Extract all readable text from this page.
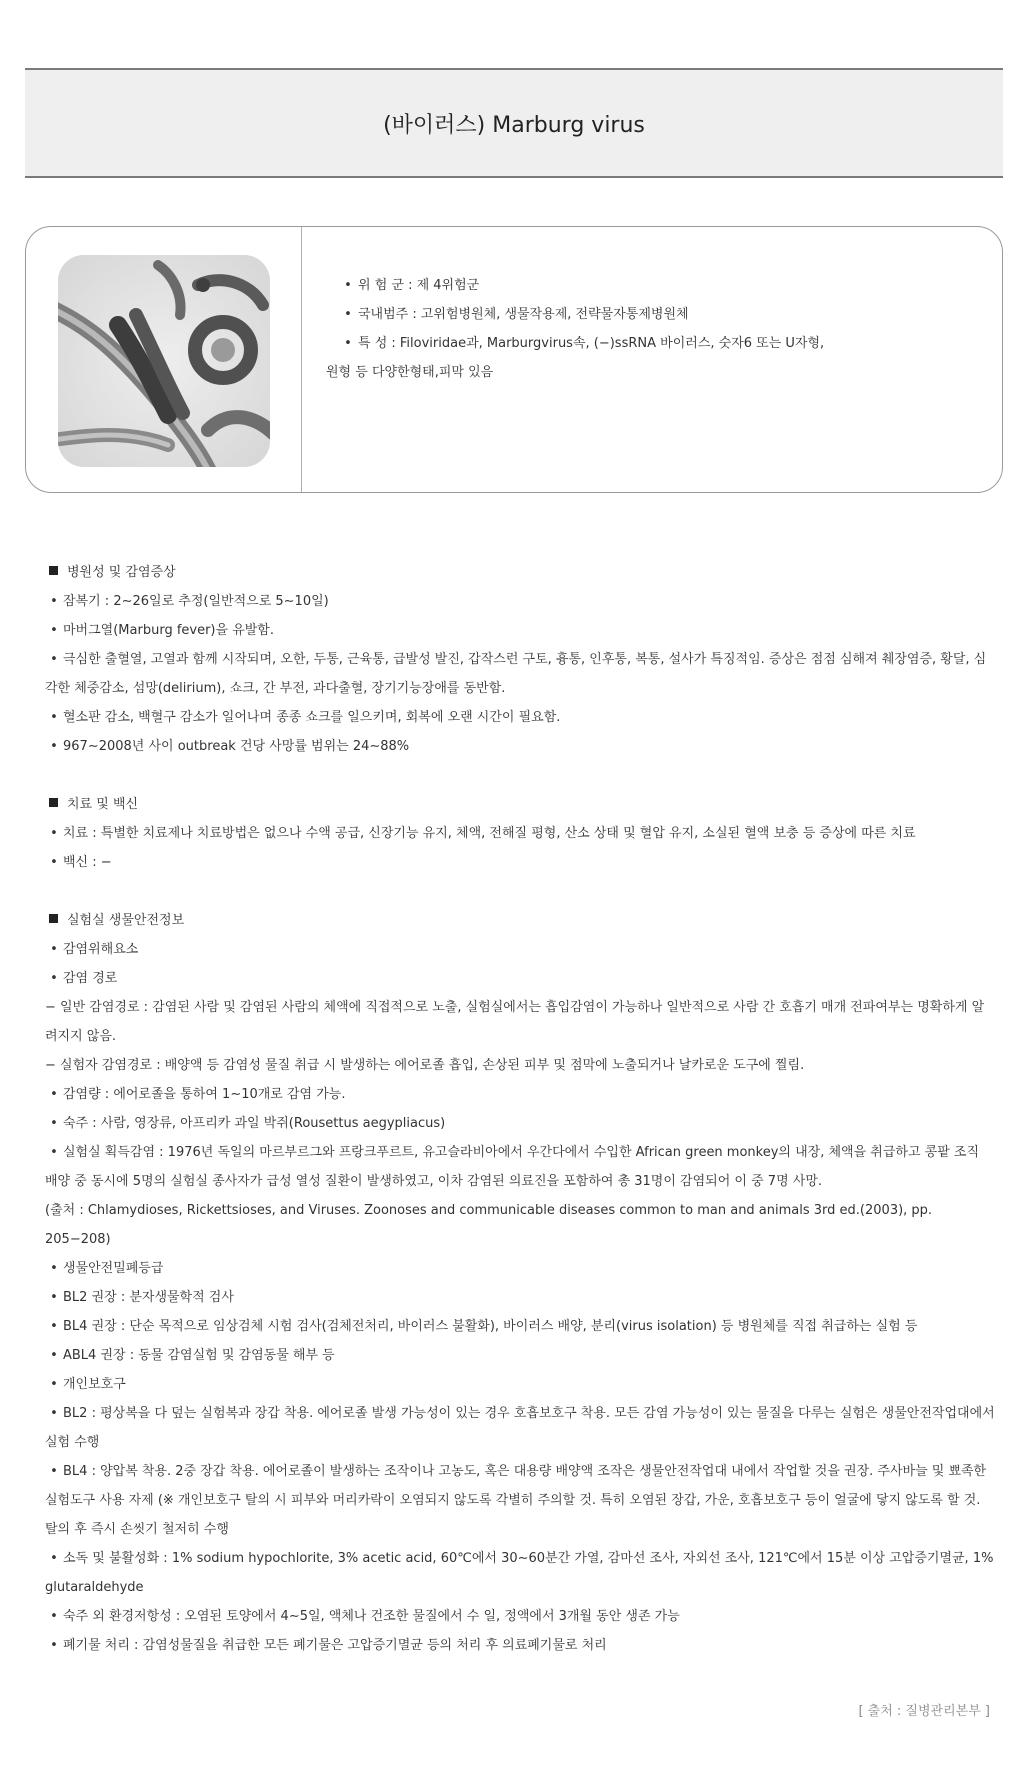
(바이러스) Marburg virus
• 위 험 군 : 제 4위험군
• 국내범주 : 고위험병원체, 생물작용제, 전략물자통제병원체
• 특 성 : Filoviridae과, Marburgvirus속, (−)ssRNA 바이러스, 숫자6 또는 U자형,
원형 등 다양한형태,피막 있음
병원성 및 감염증상
• 잠복기 : 2∼26일로 추정(일반적으로 5∼10일)
• 마버그열(Marburg fever)을 유발함.
• 극심한 출혈열, 고열과 함께 시작되며, 오한, 두통, 근육통, 급발성 발진, 갑작스런 구토, 흉통, 인후통, 복통, 설사가 특징적임. 증상은 점점 심해져 췌장염증, 황달, 심각한 체중감소, 섬망(delirium), 쇼크, 간 부전, 과다출혈, 장기기능장애를 동반함.
• 혈소판 감소, 백혈구 감소가 일어나며 종종 쇼크를 일으키며, 회복에 오랜 시간이 필요함.
• 967∼2008년 사이 outbreak 건당 사망률 범위는 24∼88%
치료 및 백신
• 치료 : 특별한 치료제나 치료방법은 없으나 수액 공급, 신장기능 유지, 체액, 전해질 평형, 산소 상태 및 혈압 유지, 소실된 혈액 보충 등 증상에 따른 치료
• 백신 : −
실험실 생물안전정보
• 감염위해요소
• 감염 경로
− 일반 감염경로 : 감염된 사람 및 감염된 사람의 체액에 직접적으로 노출, 실험실에서는 흡입감염이 가능하나 일반적으로 사람 간 호흡기 매개 전파여부는 명확하게 알려지지 않음.
− 실험자 감염경로 : 배양액 등 감염성 물질 취급 시 발생하는 에어로졸 흡입, 손상된 피부 및 점막에 노출되거나 날카로운 도구에 찔림.
• 감염량 : 에어로졸을 통하여 1∼10개로 감염 가능.
• 숙주 : 사람, 영장류, 아프리카 과일 박쥐(Rousettus aegypliacus)
• 실험실 획득감염 : 1976년 독일의 마르부르그와 프랑크푸르트, 유고슬라비아에서 우간다에서 수입한 African green monkey의 내장, 체액을 취급하고 콩팥 조직 배양 중 동시에 5명의 실험실 종사자가 급성 열성 질환이 발생하였고, 이차 감염된 의료진을 포함하여 총 31명이 감염되어 이 중 7명 사망.
(출처 : Chlamydioses, Rickettsioses, and Viruses. Zoonoses and communicable diseases common to man and animals 3rd ed.(2003), pp. 205−208)
• 생물안전밀폐등급
• BL2 권장 : 분자생물학적 검사
• BL4 권장 : 단순 목적으로 임상검체 시험 검사(검체전처리, 바이러스 불활화), 바이러스 배양, 분리(virus isolation) 등 병원체를 직접 취급하는 실험 등
• ABL4 권장 : 동물 감염실험 및 감염동물 해부 등
• 개인보호구
• BL2 : 평상복을 다 덮는 실험복과 장갑 착용. 에어로졸 발생 가능성이 있는 경우 호흡보호구 착용. 모든 감염 가능성이 있는 물질을 다루는 실험은 생물안전작업대에서 실험 수행
• BL4 : 양압복 착용. 2중 장갑 착용. 에어로졸이 발생하는 조작이나 고농도, 혹은 대용량 배양액 조작은 생물안전작업대 내에서 작업할 것을 권장. 주사바늘 및 뾰족한 실험도구 사용 자제 (※ 개인보호구 탈의 시 피부와 머리카락이 오염되지 않도록 각별히 주의할 것. 특히 오염된 장갑, 가운, 호흡보호구 등이 얼굴에 닿지 않도록 할 것. 탈의 후 즉시 손씻기 철저히 수행
• 소독 및 불활성화 : 1% sodium hypochlorite, 3% acetic acid, 60℃에서 30∼60분간 가열, 감마선 조사, 자외선 조사, 121℃에서 15분 이상 고압증기멸균, 1% glutaraldehyde
• 숙주 외 환경저항성 : 오염된 토양에서 4∼5일, 액체나 건조한 물질에서 수 일, 정액에서 3개월 동안 생존 가능
• 폐기물 처리 : 감염성물질을 취급한 모든 폐기물은 고압증기멸균 등의 처리 후 의료폐기물로 처리
[ 출처 : 질병관리본부 ]
